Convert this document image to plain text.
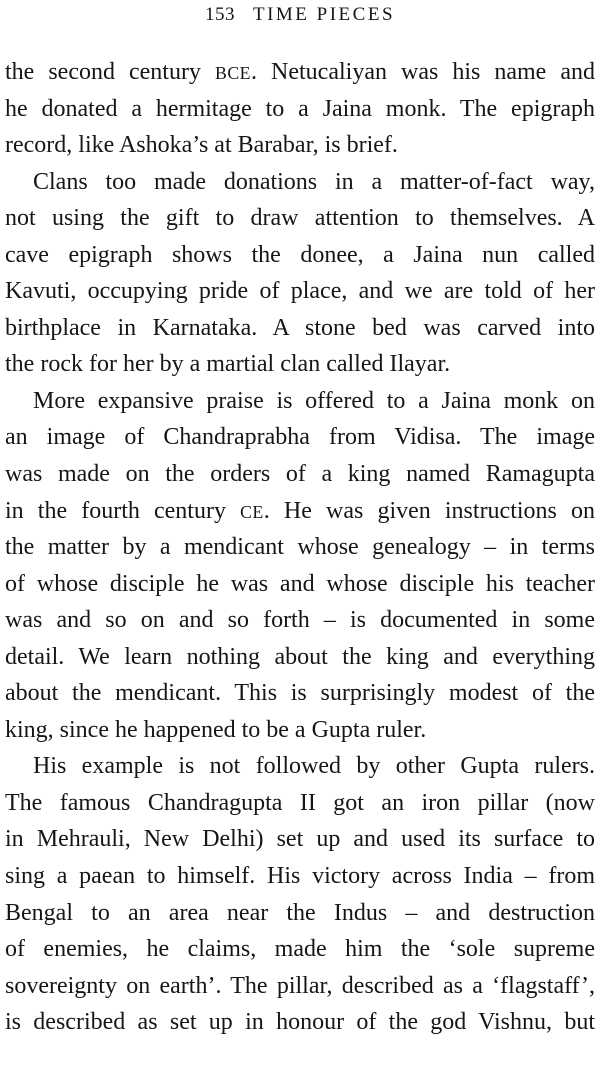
153 TIME PIECES
the second century BCE. Netucaliyan was his name and
he donated a hermitage to a Jaina monk. The epigraph
record, like Ashoka’s at Barabar, is brief.
Clans too made donations in a matter-of-fact way,
not using the gift to draw attention to themselves. A
cave epigraph shows the donee, a Jaina nun called
Kavuti, occupying pride of place, and we are told of her
birthplace in Karnataka. A stone bed was carved into
the rock for her by a martial clan called Ilayar.
More expansive praise is offered to a Jaina monk on
an image of Chandraprabha from Vidisa. The image
was made on the orders of a king named Ramagupta
in the fourth century CE. He was given instructions on
the matter by a mendicant whose genealogy – in terms
of whose disciple he was and whose disciple his teacher
was and so on and so forth – is documented in some
detail. We learn nothing about the king and everything
about the mendicant. This is surprisingly modest of the
king, since he happened to be a Gupta ruler.
His example is not followed by other Gupta rulers.
The famous Chandragupta II got an iron pillar (now
in Mehrauli, New Delhi) set up and used its surface to
sing a paean to himself. His victory across India – from
Bengal to an area near the Indus – and destruction
of enemies, he claims, made him the ‘sole supreme
sovereignty on earth’. The pillar, described as a ‘flagstaff’,
is described as set up in honour of the god Vishnu, but
